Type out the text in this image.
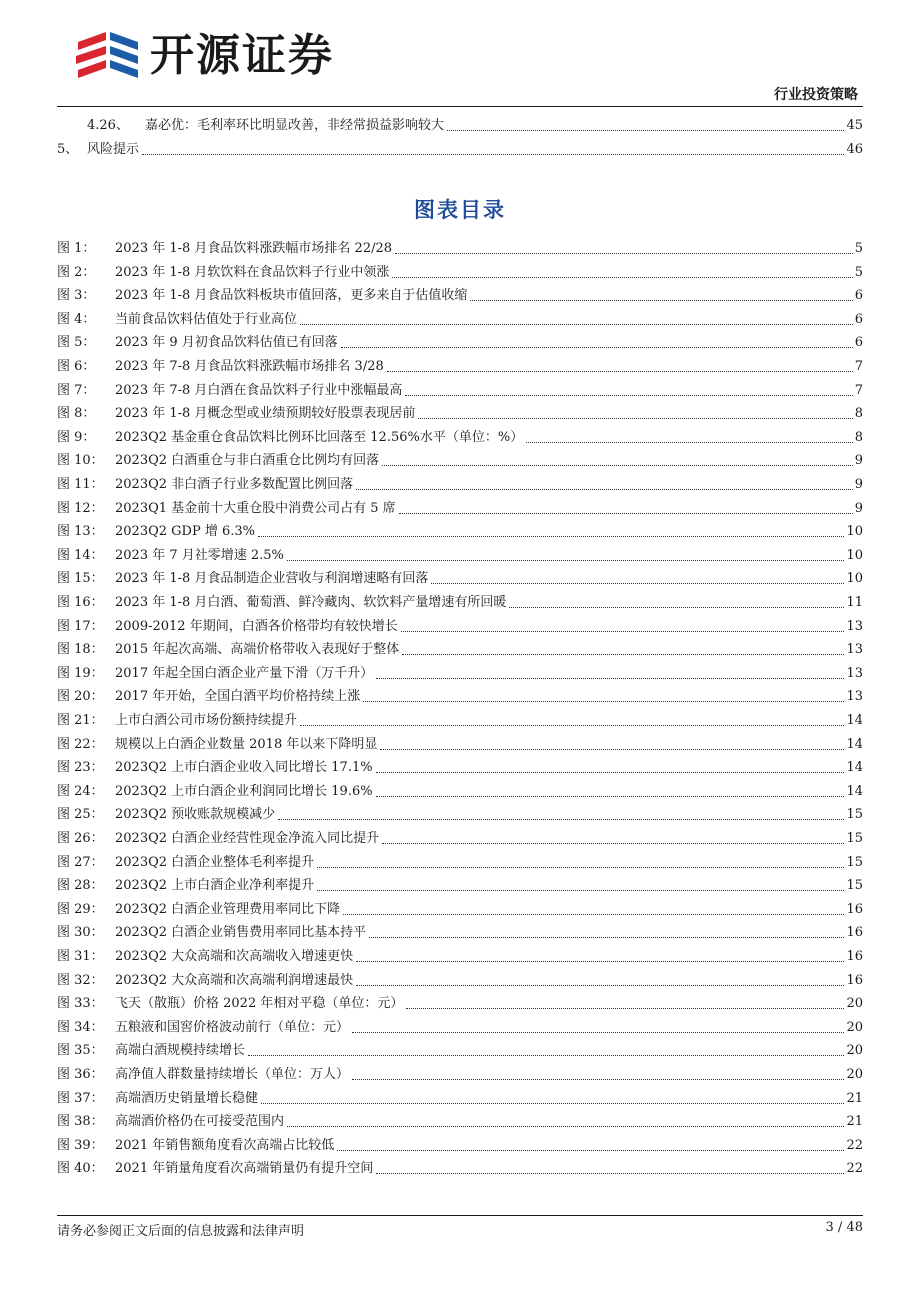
开源证券
行业投资策略
4.26、	嘉必优：毛利率环比明显改善，非经常损益影响较大	45
5、 风险提示	46
图表目录
图 1：	2023 年 1-8 月食品饮料涨跌幅市场排名 22/28	5
图 2：	2023 年 1-8 月软饮料在食品饮料子行业中领涨	5
图 3：	2023 年 1-8 月食品饮料板块市值回落，更多来自于估值收缩	6
图 4：	当前食品饮料估值处于行业高位	6
图 5：	2023 年 9 月初食品饮料估值已有回落	6
图 6：	2023 年 7-8 月食品饮料涨跌幅市场排名 3/28	7
图 7：	2023 年 7-8 月白酒在食品饮料子行业中涨幅最高	7
图 8：	2023 年 1-8 月概念型或业绩预期较好股票表现居前	8
图 9：	2023Q2 基金重仓食品饮料比例环比回落至 12.56%水平（单位：%）	8
图 10： 2023Q2 白酒重仓与非白酒重仓比例均有回落	9
图 11： 2023Q2 非白酒子行业多数配置比例回落	9
图 12： 2023Q1 基金前十大重仓股中消费公司占有 5 席	9
图 13： 2023Q2 GDP 增 6.3%	10
图 14： 2023 年 7 月社零增速 2.5%	10
图 15： 2023 年 1-8 月食品制造企业营收与利润增速略有回落	10
图 16： 2023 年 1-8 月白酒、葡萄酒、鲜冷藏肉、软饮料产量增速有所回暖	11
图 17： 2009-2012 年期间，白酒各价格带均有较快增长	13
图 18： 2015 年起次高端、高端价格带收入表现好于整体	13
图 19： 2017 年起全国白酒企业产量下滑（万千升）	13
图 20： 2017 年开始，全国白酒平均价格持续上涨	13
图 21： 上市白酒公司市场份额持续提升	14
图 22： 规模以上白酒企业数量 2018 年以来下降明显	14
图 23： 2023Q2 上市白酒企业收入同比增长 17.1%	14
图 24： 2023Q2 上市白酒企业利润同比增长 19.6%	14
图 25： 2023Q2 预收账款规模减少	15
图 26： 2023Q2 白酒企业经营性现金净流入同比提升	15
图 27： 2023Q2 白酒企业整体毛利率提升	15
图 28： 2023Q2 上市白酒企业净利率提升	15
图 29： 2023Q2 白酒企业管理费用率同比下降	16
图 30： 2023Q2 白酒企业销售费用率同比基本持平	16
图 31： 2023Q2 大众高端和次高端收入增速更快	16
图 32： 2023Q2 大众高端和次高端利润增速最快	16
图 33： 飞天（散瓶）价格 2022 年相对平稳（单位：元）	20
图 34： 五粮液和国窖价格波动前行（单位：元）	20
图 35： 高端白酒规模持续增长	20
图 36： 高净值人群数量持续增长（单位：万人）	20
图 37： 高端酒历史销量增长稳健	21
图 38： 高端酒价格仍在可接受范围内	21
图 39： 2021 年销售额角度看次高端占比较低	22
图 40： 2021 年销量角度看次高端销量仍有提升空间	22
请务必参阅正文后面的信息披露和法律声明	3 / 48
